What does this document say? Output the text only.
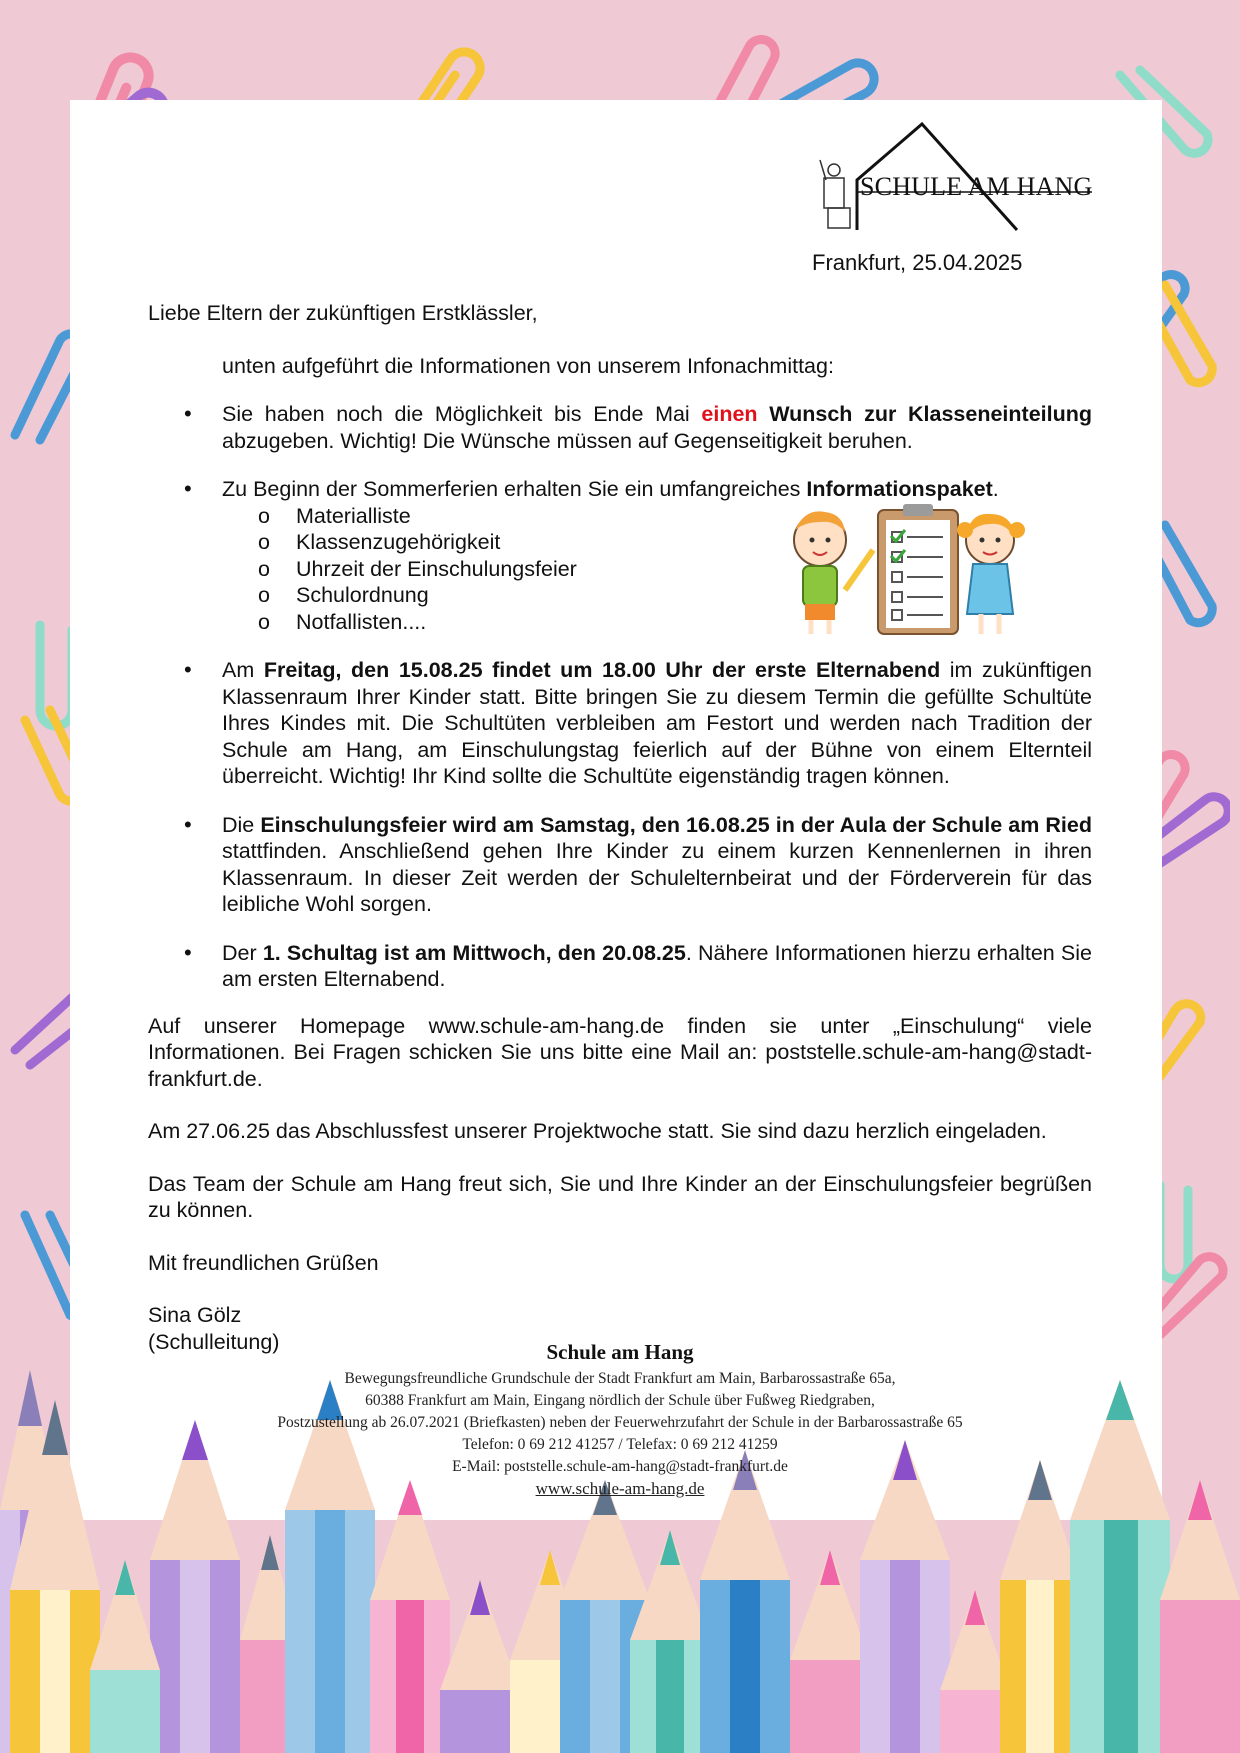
SCHULE AM HANG
Frankfurt, 25.04.2025

Liebe Eltern der zukünftigen Erstklässler,

unten aufgeführt die Informationen von unserem Infonachmittag:

• Sie haben noch die Möglichkeit bis Ende Mai einen Wunsch zur Klasseneinteilung abzugeben. Wichtig! Die Wünsche müssen auf Gegenseitigkeit beruhen.
• Zu Beginn der Sommerferien erhalten Sie ein umfangreiches Informationspaket.
o Materialliste
o Klassenzugehörigkeit
o Uhrzeit der Einschulungsfeier
o Schulordnung
o Notfallisten....
• Am Freitag, den 15.08.25 findet um 18.00 Uhr der erste Elternabend im zukünftigen Klassenraum Ihrer Kinder statt. Bitte bringen Sie zu diesem Termin die gefüllte Schultüte Ihres Kindes mit. Die Schultüten verbleiben am Festort und werden nach Tradition der Schule am Hang, am Einschulungstag feierlich auf der Bühne von einem Elternteil überreicht. Wichtig! Ihr Kind sollte die Schultüte eigenständig tragen können.
• Die Einschulungsfeier wird am Samstag, den 16.08.25 in der Aula der Schule am Ried stattfinden. Anschließend gehen Ihre Kinder zu einem kurzen Kennenlernen in ihren Klassenraum. In dieser Zeit werden der Schulelternbeirat und der Förderverein für das leibliche Wohl sorgen.
• Der 1. Schultag ist am Mittwoch, den 20.08.25. Nähere Informationen hierzu erhalten Sie am ersten Elternabend.

Auf unserer Homepage www.schule-am-hang.de finden sie unter „Einschulung“ viele Informationen. Bei Fragen schicken Sie uns bitte eine Mail an: poststelle.schule-am-hang@stadt-frankfurt.de.

Am 27.06.25 das Abschlussfest unserer Projektwoche statt. Sie sind dazu herzlich eingeladen.

Das Team der Schule am Hang freut sich, Sie und Ihre Kinder an der Einschulungsfeier begrüßen zu können.

Mit freundlichen Grüßen

Sina Gölz

(Schulleitung)	Schule am Hang
Bewegungsfreundliche Grundschule der Stadt Frankfurt am Main, Barbarossastraße 65a,
60388 Frankfurt am Main, Eingang nördlich der Schule über Fußweg Riedgraben,
Postzustellung ab 26.07.2021 (Briefkasten) neben der Feuerwehrzufahrt der Schule in der Barbarossastraße 65
Telefon: 0 69 212 41257 / Telefax: 0 69 212 41259
E-Mail: poststelle.schule-am-hang@stadt-frankfurt.de
www.schule-am-hang.de
